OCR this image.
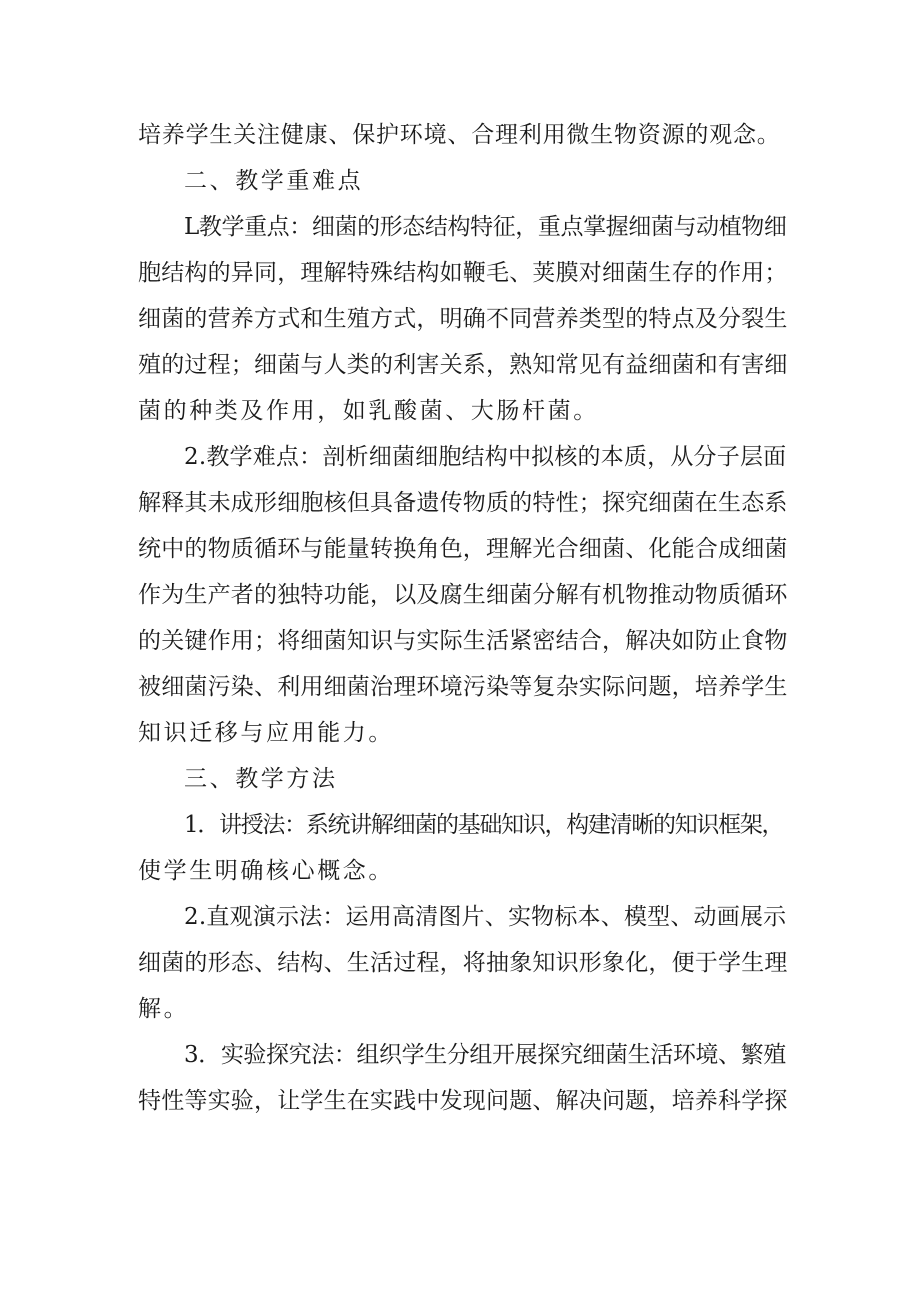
培养学生关注健康、保护环境、合理利用微生物资源的观念。
二、教学重难点
L教学重点：细菌的形态结构特征，重点掌握细菌与动植物细
胞结构的异同，理解特殊结构如鞭毛、荚膜对细菌生存的作用；
细菌的营养方式和生殖方式，明确不同营养类型的特点及分裂生
殖的过程；细菌与人类的利害关系，熟知常见有益细菌和有害细
菌的种类及作用，如乳酸菌、大肠杆菌。
2.教学难点：剖析细菌细胞结构中拟核的本质，从分子层面
解释其未成形细胞核但具备遗传物质的特性；探究细菌在生态系
统中的物质循环与能量转换角色，理解光合细菌、化能合成细菌
作为生产者的独特功能，以及腐生细菌分解有机物推动物质循环
的关键作用；将细菌知识与实际生活紧密结合，解决如防止食物
被细菌污染、利用细菌治理环境污染等复杂实际问题，培养学生
知识迁移与应用能力。
三、教学方法
1．讲授法：系统讲解细菌的基础知识，构建清晰的知识框架，
使学生明确核心概念。
2.直观演示法：运用高清图片、实物标本、模型、动画展示
细菌的形态、结构、生活过程，将抽象知识形象化，便于学生理
解。
3．实验探究法：组织学生分组开展探究细菌生活环境、繁殖
特性等实验，让学生在实践中发现问题、解决问题，培养科学探
